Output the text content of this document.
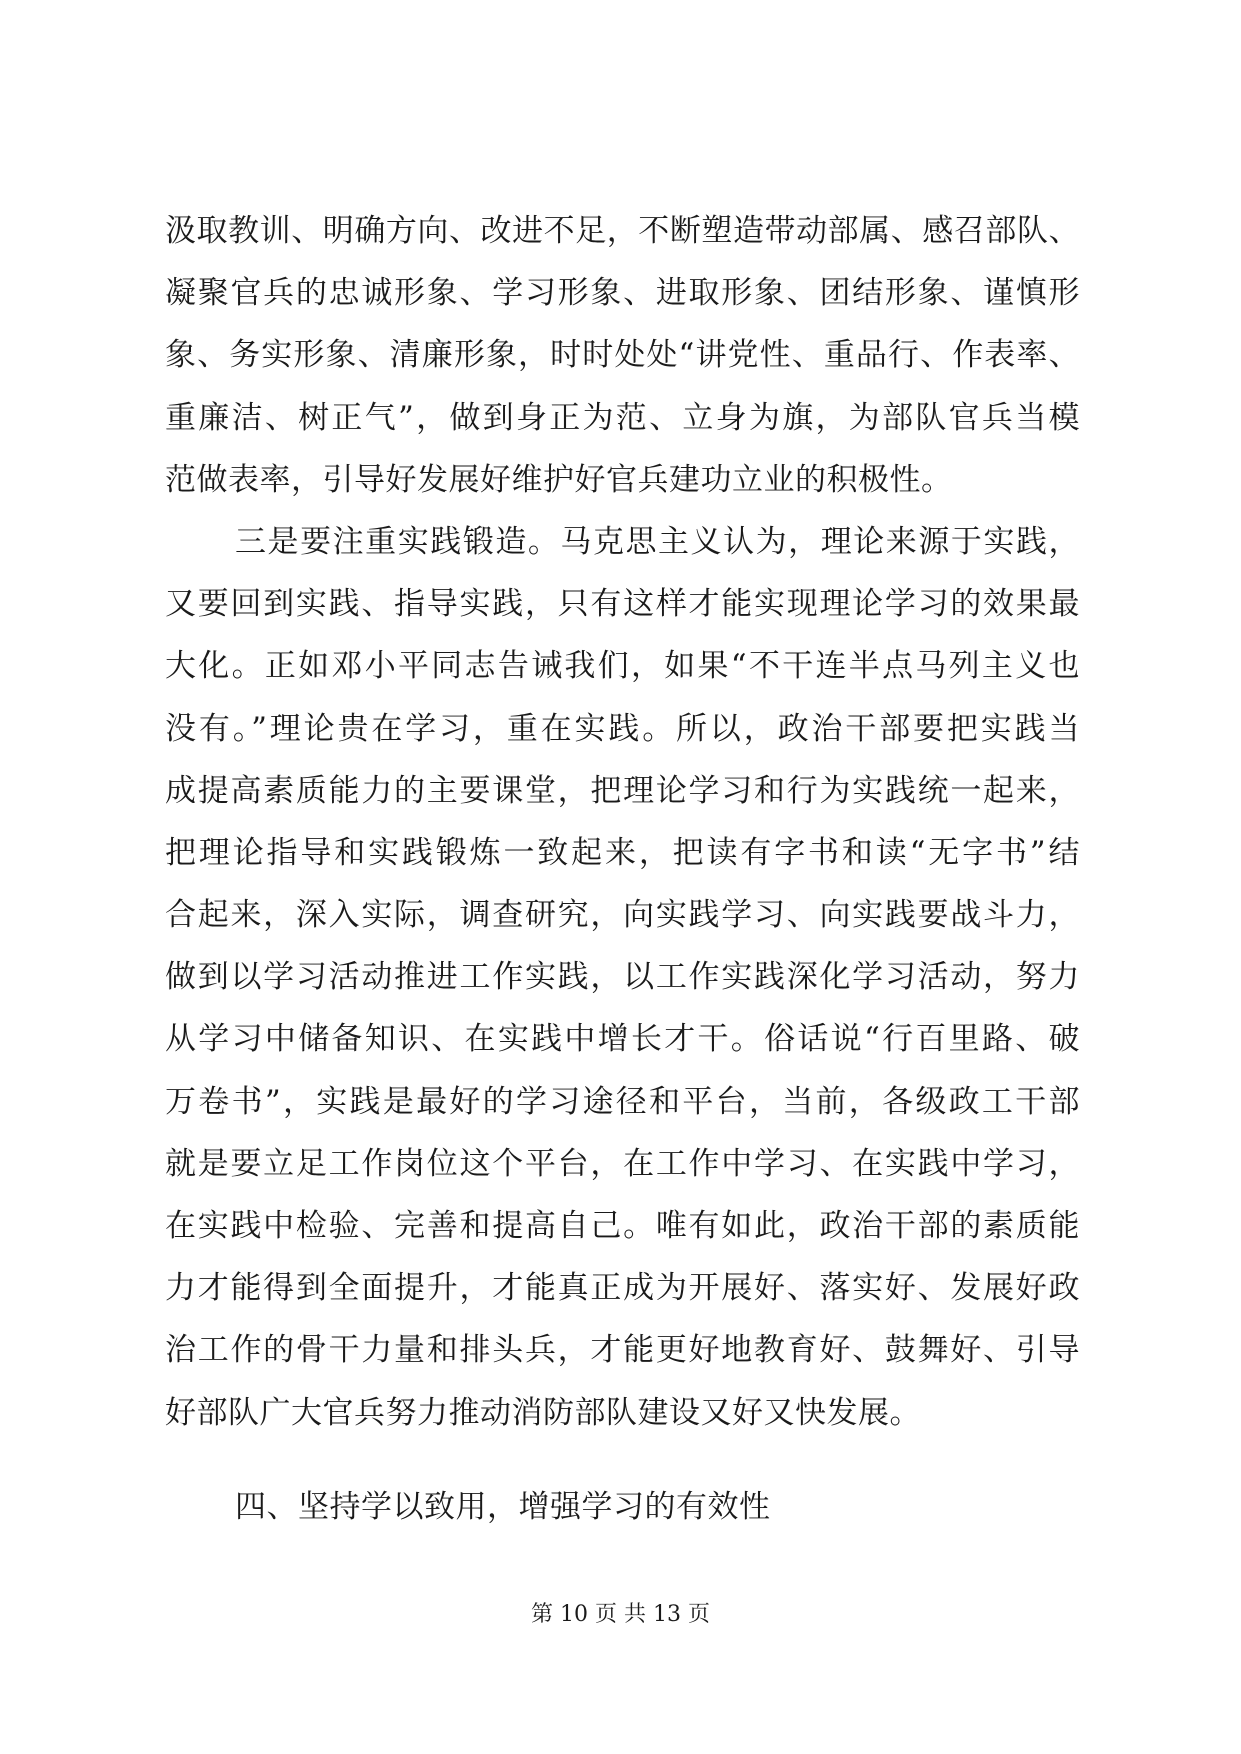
汲取教训、明确方向、改进不足，不断塑造带动部属、感召部队、
凝聚官兵的忠诚形象、学习形象、进取形象、团结形象、谨慎形
象、务实形象、清廉形象，时时处处“讲党性、重品行、作表率、
重廉洁、树正气”，做到身正为范、立身为旗，为部队官兵当模
范做表率，引导好发展好维护好官兵建功立业的积极性。
三是要注重实践锻造。马克思主义认为，理论来源于实践，
又要回到实践、指导实践，只有这样才能实现理论学习的效果最
大化。正如邓小平同志告诫我们，如果“不干连半点马列主义也
没有。”理论贵在学习，重在实践。所以，政治干部要把实践当
成提高素质能力的主要课堂，把理论学习和行为实践统一起来，
把理论指导和实践锻炼一致起来，把读有字书和读“无字书”结
合起来，深入实际，调查研究，向实践学习、向实践要战斗力，
做到以学习活动推进工作实践，以工作实践深化学习活动，努力
从学习中储备知识、在实践中增长才干。俗话说“行百里路、破
万卷书”，实践是最好的学习途径和平台，当前，各级政工干部
就是要立足工作岗位这个平台，在工作中学习、在实践中学习，
在实践中检验、完善和提高自己。唯有如此，政治干部的素质能
力才能得到全面提升，才能真正成为开展好、落实好、发展好政
治工作的骨干力量和排头兵，才能更好地教育好、鼓舞好、引导
好部队广大官兵努力推动消防部队建设又好又快发展。
四、坚持学以致用，增强学习的有效性
第 10 页 共 13 页
